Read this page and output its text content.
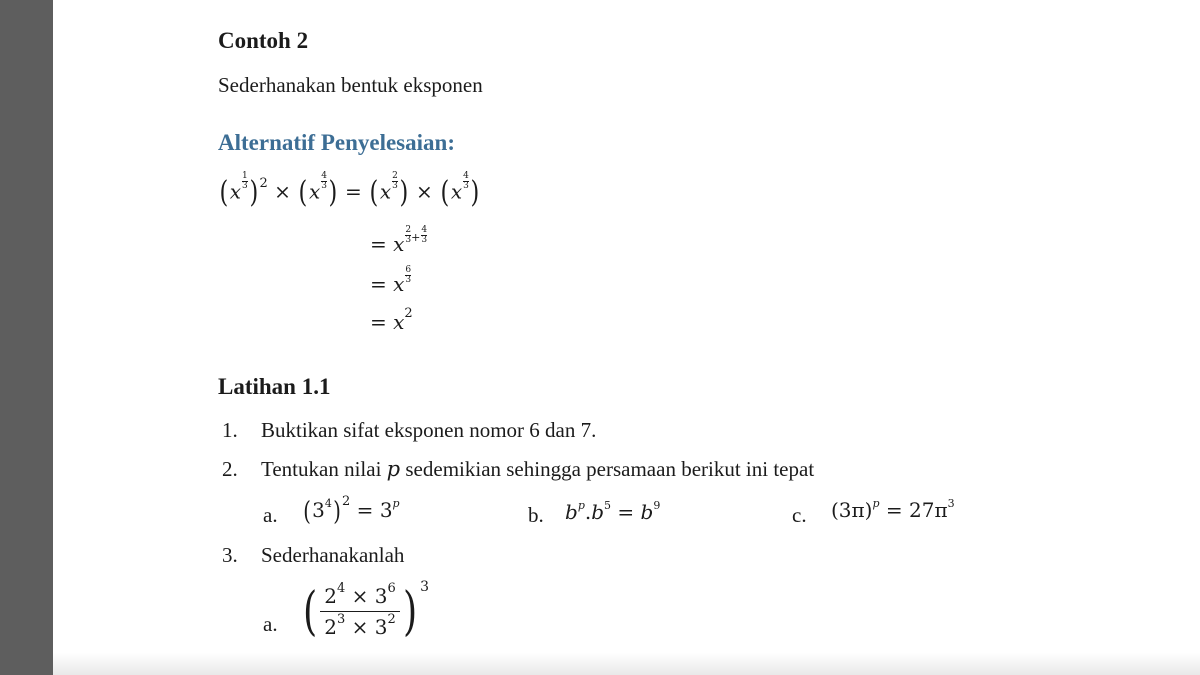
Contoh 2
Sederhanakan bentuk eksponen
Alternatif Penyelesaian:
$(x \frac{1}{3} )^2 \times (x \frac{4}{3}$ ) = ($x \frac{2}{3}$ ) × ($x \frac{4}{3}$ )
= x $\frac{2}{3} ^+ \frac{4}{3}$
= x $\frac{6}{3}$
= $x^2$
Latihan 1.1
1. Buktikan sifat eksponen nomor 6 dan 7.
2. Tentukan nilai p sedemikian sehingga persamaan berikut ini tepat
a. $(3^4)^2 = 3^p$	b. $b^p.b^5 = b^9$	c. $(3\pi)^p = 27\pi^3$
3. Sederhanakanlah
a. ( $\frac{2^4 \times 3^6}{2^3 \times 3^2}$ ) $^3$
